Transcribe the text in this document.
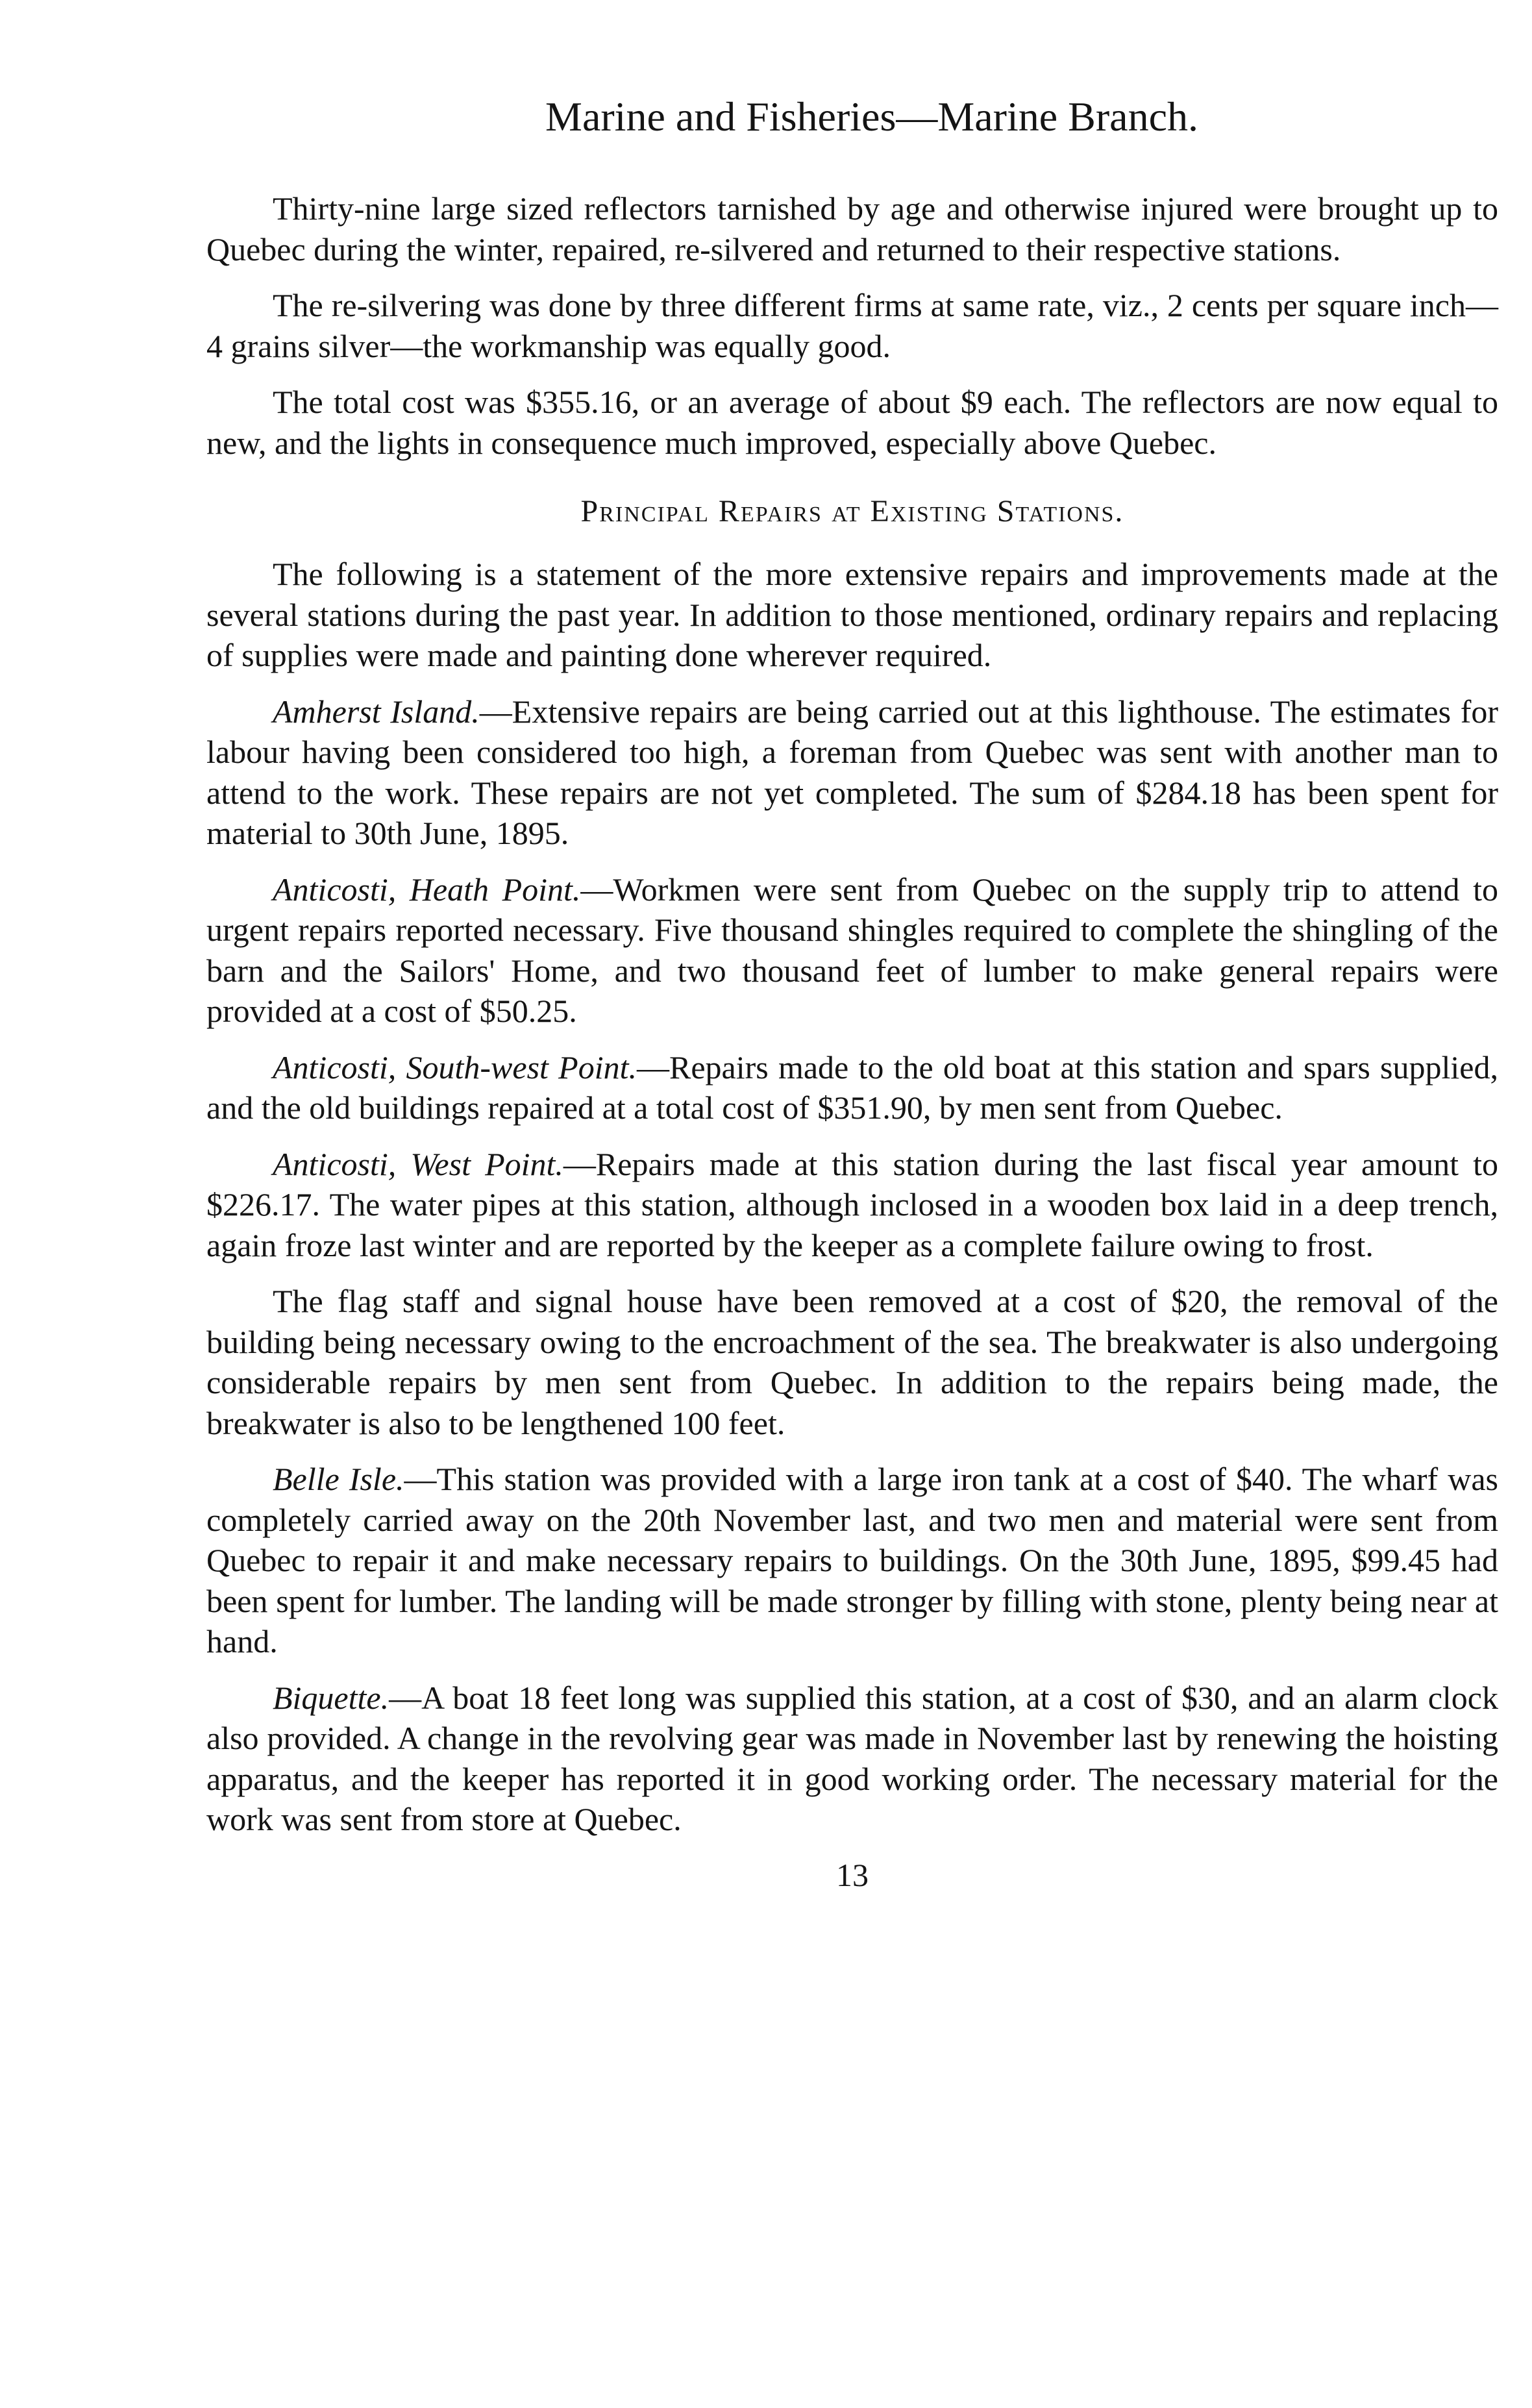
Marine and Fisheries—Marine Branch.

Thirty-nine large sized reflectors tarnished by age and otherwise injured were brought up to Quebec during the winter, repaired, re-silvered and returned to their respective stations.

The re-silvering was done by three different firms at same rate, viz., 2 cents per square inch—4 grains silver—the workmanship was equally good.

The total cost was $355.16, or an average of about $9 each. The reflectors are now equal to new, and the lights in consequence much improved, especially above Quebec.

Principal Repairs at Existing Stations.

The following is a statement of the more extensive repairs and improvements made at the several stations during the past year. In addition to those mentioned, ordinary repairs and replacing of supplies were made and painting done wherever required.

Amherst Island.—Extensive repairs are being carried out at this lighthouse. The estimates for labour having been considered too high, a foreman from Quebec was sent with another man to attend to the work. These repairs are not yet completed. The sum of $284.18 has been spent for material to 30th June, 1895.

Anticosti, Heath Point.—Workmen were sent from Quebec on the supply trip to attend to urgent repairs reported necessary. Five thousand shingles required to complete the shingling of the barn and the Sailors' Home, and two thousand feet of lumber to make general repairs were provided at a cost of $50.25.

Anticosti, South-west Point.—Repairs made to the old boat at this station and spars supplied, and the old buildings repaired at a total cost of $351.90, by men sent from Quebec.

Anticosti, West Point.—Repairs made at this station during the last fiscal year amount to $226.17. The water pipes at this station, although inclosed in a wooden box laid in a deep trench, again froze last winter and are reported by the keeper as a complete failure owing to frost.

The flag staff and signal house have been removed at a cost of $20, the removal of the building being necessary owing to the encroachment of the sea. The breakwater is also undergoing considerable repairs by men sent from Quebec. In addition to the repairs being made, the breakwater is also to be lengthened 100 feet.

Belle Isle.—This station was provided with a large iron tank at a cost of $40. The wharf was completely carried away on the 20th November last, and two men and material were sent from Quebec to repair it and make necessary repairs to buildings. On the 30th June, 1895, $99.45 had been spent for lumber. The landing will be made stronger by filling with stone, plenty being near at hand.

Biquette.—A boat 18 feet long was supplied this station, at a cost of $30, and an alarm clock also provided. A change in the revolving gear was made in November last by renewing the hoisting apparatus, and the keeper has reported it in good working order. The necessary material for the work was sent from store at Quebec.

13
